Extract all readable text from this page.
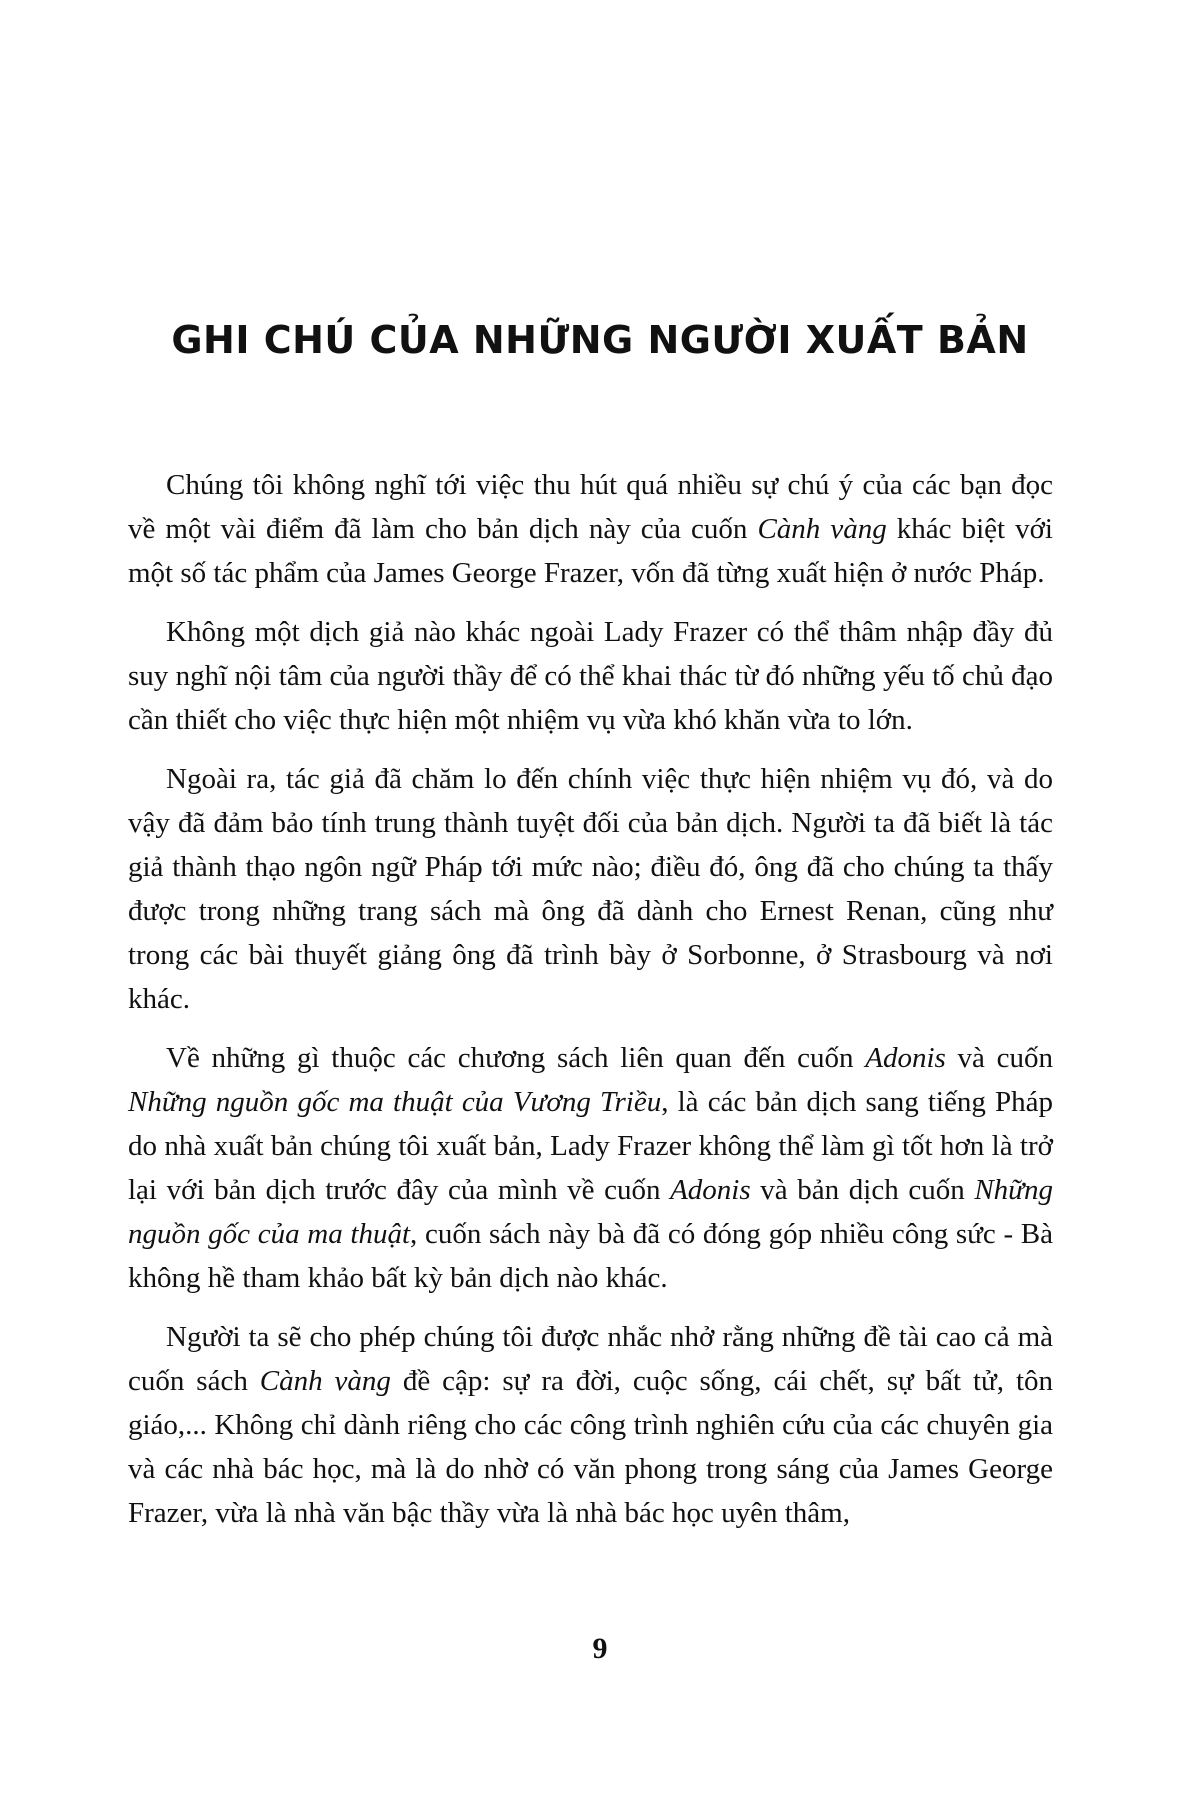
GHI CHÚ CỦA NHỮNG NGƯỜI XUẤT BẢN

Chúng tôi không nghĩ tới việc thu hút quá nhiều sự chú ý của các bạn đọc về một vài điểm đã làm cho bản dịch này của cuốn Cành vàng khác biệt với một số tác phẩm của James George Frazer, vốn đã từng xuất hiện ở nước Pháp.

Không một dịch giả nào khác ngoài Lady Frazer có thể thâm nhập đầy đủ suy nghĩ nội tâm của người thầy để có thể khai thác từ đó những yếu tố chủ đạo cần thiết cho việc thực hiện một nhiệm vụ vừa khó khăn vừa to lớn.

Ngoài ra, tác giả đã chăm lo đến chính việc thực hiện nhiệm vụ đó, và do vậy đã đảm bảo tính trung thành tuyệt đối của bản dịch. Người ta đã biết là tác giả thành thạo ngôn ngữ Pháp tới mức nào; điều đó, ông đã cho chúng ta thấy được trong những trang sách mà ông đã dành cho Ernest Renan, cũng như trong các bài thuyết giảng ông đã trình bày ở Sorbonne, ở Strasbourg và nơi khác.

Về những gì thuộc các chương sách liên quan đến cuốn Adonis và cuốn Những nguồn gốc ma thuật của Vương Triều, là các bản dịch sang tiếng Pháp do nhà xuất bản chúng tôi xuất bản, Lady Frazer không thể làm gì tốt hơn là trở lại với bản dịch trước đây của mình về cuốn Adonis và bản dịch cuốn Những nguồn gốc của ma thuật, cuốn sách này bà đã có đóng góp nhiều công sức - Bà không hề tham khảo bất kỳ bản dịch nào khác.

Người ta sẽ cho phép chúng tôi được nhắc nhở rằng những đề tài cao cả mà cuốn sách Cành vàng đề cập: sự ra đời, cuộc sống, cái chết, sự bất tử, tôn giáo,... Không chỉ dành riêng cho các công trình nghiên cứu của các chuyên gia và các nhà bác học, mà là do nhờ có văn phong trong sáng của James George Frazer, vừa là nhà văn bậc thầy vừa là nhà bác học uyên thâm,

9
